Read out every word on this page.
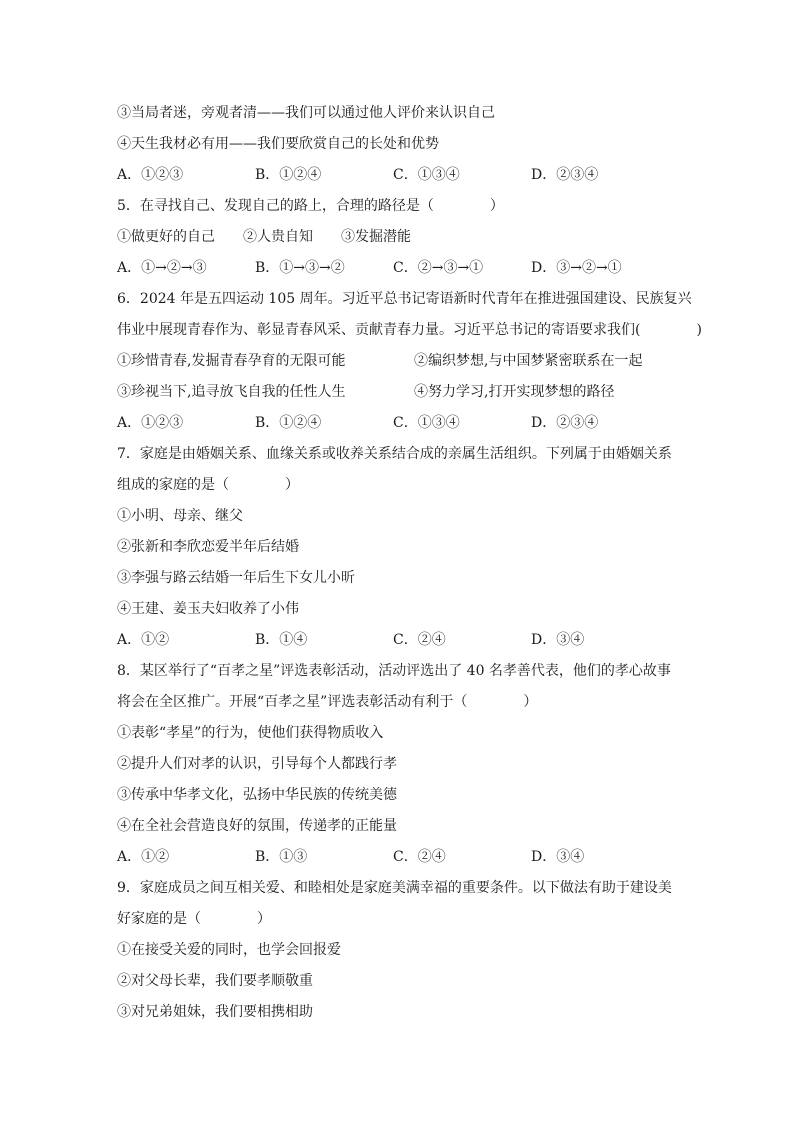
③当局者迷，旁观者清——我们可以通过他人评价来认识自己

④天生我材必有用——我们要欣赏自己的长处和优势

A．①②③	B．①②④	C．①③④	D．②③④

5．在寻找自己、发现自己的路上，合理的路径是（　　　　）

①做更好的自己 ②人贵自知 ③发掘潜能
A．①→②→③	B．①→③→②	C．②→③→①	D．③→②→①

6．2024 年是五四运动 105 周年。习近平总书记寄语新时代青年在推进强国建设、民族复兴

伟业中展现青春作为、彰显青春风采、贡献青春力量。习近平总书记的寄语要求我们(　　　　)

①珍惜青春,发掘青春孕育的无限可能	②编织梦想,与中国梦紧密联系在一起
③珍视当下,追寻放飞自我的任性人生	④努力学习,打开实现梦想的路径
A．①②③	B．①②④	C．①③④	D．②③④

7．家庭是由婚姻关系、血缘关系或收养关系结合成的亲属生活组织。下列属于由婚姻关系

组成的家庭的是（　　　　）

①小明、母亲、继父

②张新和李欣恋爱半年后结婚

③李强与路云结婚一年后生下女儿小昕

④王建、姜玉夫妇收养了小伟

A．①②	B．①④	C．②④	D．③④

8．某区举行了“百孝之星”评选表彰活动，活动评选出了 40 名孝善代表，他们的孝心故事

将会在全区推广。开展“百孝之星”评选表彰活动有利于（　　　　）

①表彰“孝星”的行为，使他们获得物质收入

②提升人们对孝的认识，引导每个人都践行孝

③传承中华孝文化，弘扬中华民族的传统美德

④在全社会营造良好的氛围，传递孝的正能量

A．①②	B．①③	C．②④	D．③④

9．家庭成员之间互相关爱、和睦相处是家庭美满幸福的重要条件。以下做法有助于建设美

好家庭的是（　　　　）

①在接受关爱的同时，也学会回报爱

②对父母长辈，我们要孝顺敬重

③对兄弟姐妹，我们要相携相助
